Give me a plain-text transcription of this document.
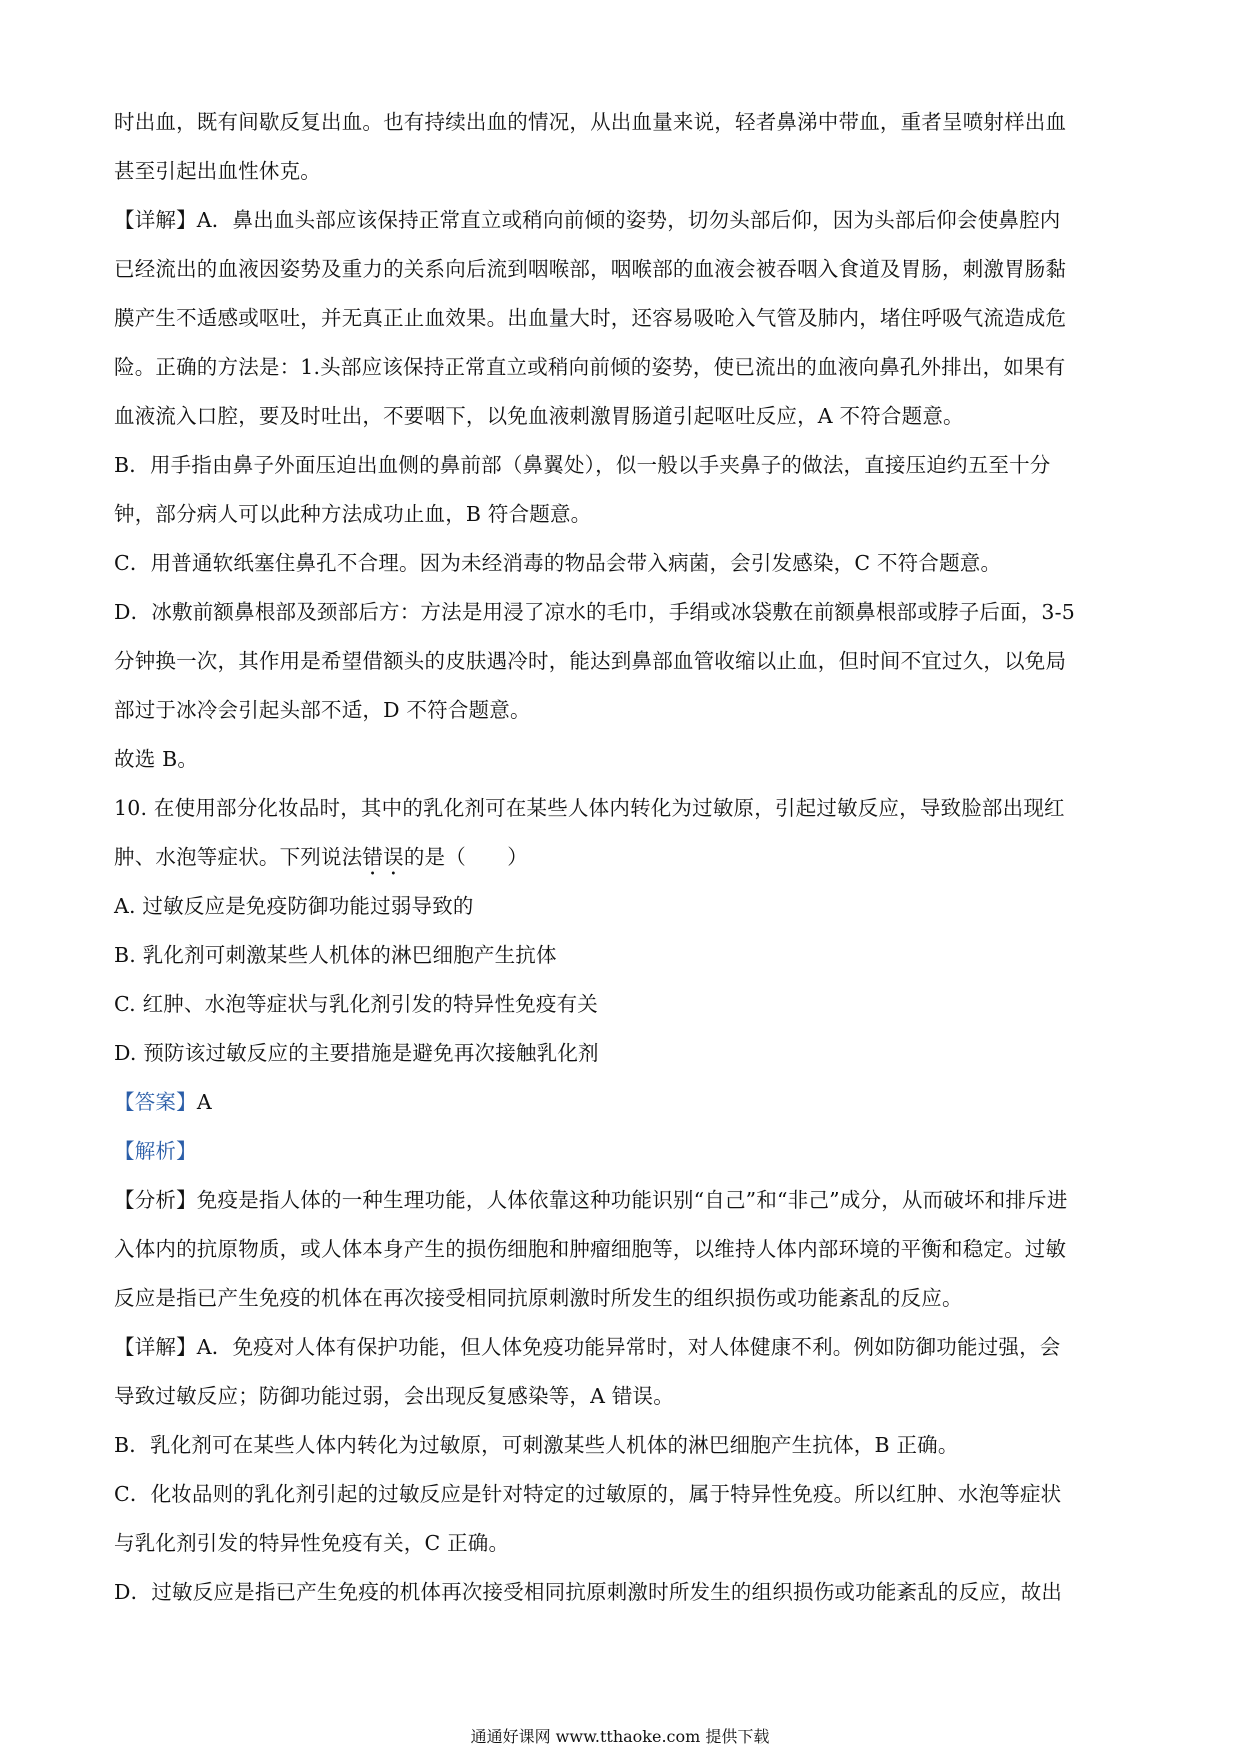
时出血，既有间歇反复出血。也有持续出血的情况，从出血量来说，轻者鼻涕中带血，重者呈喷射样出血
甚至引起出血性休克。
【详解】A．鼻出血头部应该保持正常直立或稍向前倾的姿势，切勿头部后仰，因为头部后仰会使鼻腔内
已经流出的血液因姿势及重力的关系向后流到咽喉部，咽喉部的血液会被吞咽入食道及胃肠，刺激胃肠黏
膜产生不适感或呕吐，并无真正止血效果。出血量大时，还容易吸呛入气管及肺内，堵住呼吸气流造成危
险。正确的方法是：1.头部应该保持正常直立或稍向前倾的姿势，使已流出的血液向鼻孔外排出，如果有
血液流入口腔，要及时吐出，不要咽下，以免血液刺激胃肠道引起呕吐反应，A 不符合题意。
B．用手指由鼻子外面压迫出血侧的鼻前部（鼻翼处），似一般以手夹鼻子的做法，直接压迫约五至十分
钟，部分病人可以此种方法成功止血，B 符合题意。
C．用普通软纸塞住鼻孔不合理。因为未经消毒的物品会带入病菌，会引发感染，C 不符合题意。
D．冰敷前额鼻根部及颈部后方：方法是用浸了凉水的毛巾，手绢或冰袋敷在前额鼻根部或脖子后面，3-5
分钟换一次，其作用是希望借额头的皮肤遇冷时，能达到鼻部血管收缩以止血，但时间不宜过久，以免局
部过于冰冷会引起头部不适，D 不符合题意。
故选 B。
10. 在使用部分化妆品时，其中的乳化剂可在某些人体内转化为过敏原，引起过敏反应，导致脸部出现红
肿、水泡等症状。下列说法错误的是（　　）
A. 过敏反应是免疫防御功能过弱导致的
B. 乳化剂可刺激某些人机体的淋巴细胞产生抗体
C. 红肿、水泡等症状与乳化剂引发的特异性免疫有关
D. 预防该过敏反应的主要措施是避免再次接触乳化剂
【答案】A
【解析】
【分析】免疫是指人体的一种生理功能，人体依靠这种功能识别“自己”和“非己”成分，从而破坏和排斥进
入体内的抗原物质，或人体本身产生的损伤细胞和肿瘤细胞等，以维持人体内部环境的平衡和稳定。过敏
反应是指已产生免疫的机体在再次接受相同抗原刺激时所发生的组织损伤或功能紊乱的反应。
【详解】A．免疫对人体有保护功能，但人体免疫功能异常时，对人体健康不利。例如防御功能过强，会
导致过敏反应；防御功能过弱，会出现反复感染等，A 错误。
B．乳化剂可在某些人体内转化为过敏原，可刺激某些人机体的淋巴细胞产生抗体，B 正确。
C．化妆品则的乳化剂引起的过敏反应是针对特定的过敏原的，属于特异性免疫。所以红肿、水泡等症状
与乳化剂引发的特异性免疫有关，C 正确。
D．过敏反应是指已产生免疫的机体再次接受相同抗原刺激时所发生的组织损伤或功能紊乱的反应，故出
通通好课网 www.tthaoke.com 提供下载
